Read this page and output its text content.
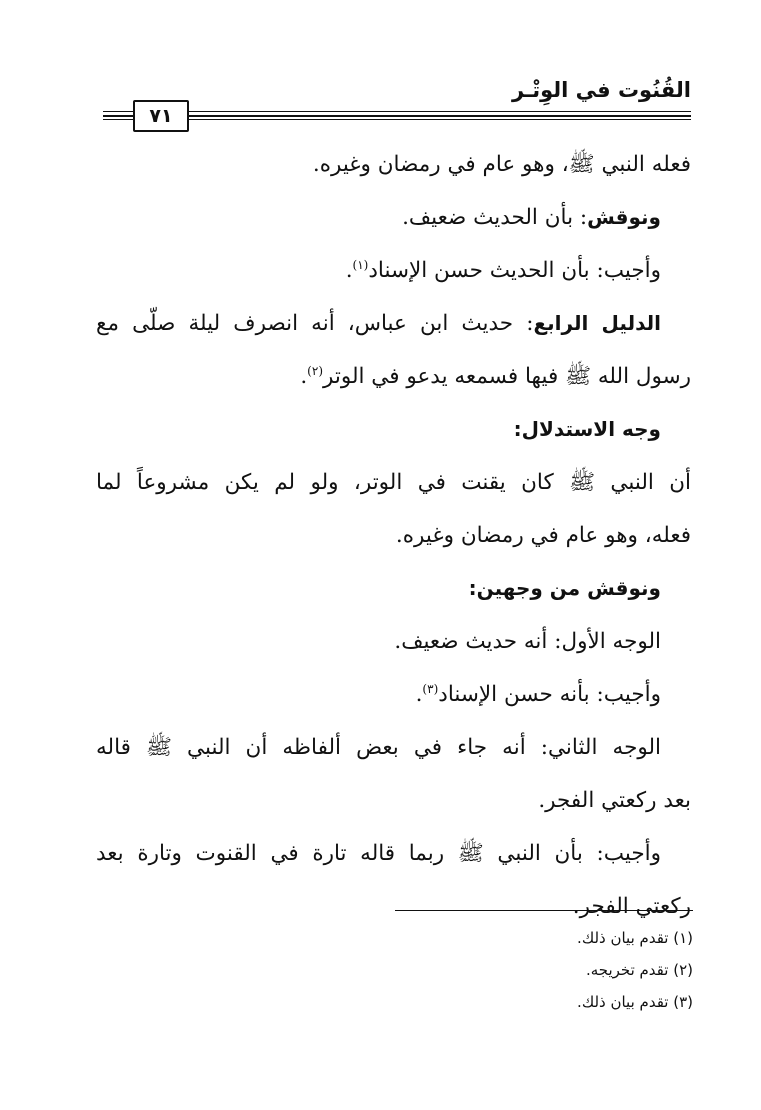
القُنُوت في الوِتْـر
٧١
فعله النبي ﷺ، وهو عام في رمضان وغيره.
ونوقش: بأن الحديث ضعيف.
وأجيب: بأن الحديث حسن الإسناد$^{(١)}$.
الدليل الرابع: حديث ابن عباس، أنه انصرف ليلة صلّى مع
رسول الله ﷺ فيها فسمعه يدعو في الوتر$^{(٢)}$.
وجه الاستدلال:
أن النبي ﷺ كان يقنت في الوتر، ولو لم يكن مشروعاً لما
فعله، وهو عام في رمضان وغيره.
ونوقش من وجهين:
الوجه الأول: أنه حديث ضعيف.
وأجيب: بأنه حسن الإسناد$^{(٣)}$.
الوجه الثاني: أنه جاء في بعض ألفاظه أن النبي ﷺ قاله
بعد ركعتي الفجر.
وأجيب: بأن النبي ﷺ ربما قاله تارة في القنوت وتارة بعد
ركعتي الفجر.
(١) تقدم بيان ذلك.
(٢) تقدم تخريجه.
(٣) تقدم بيان ذلك.
